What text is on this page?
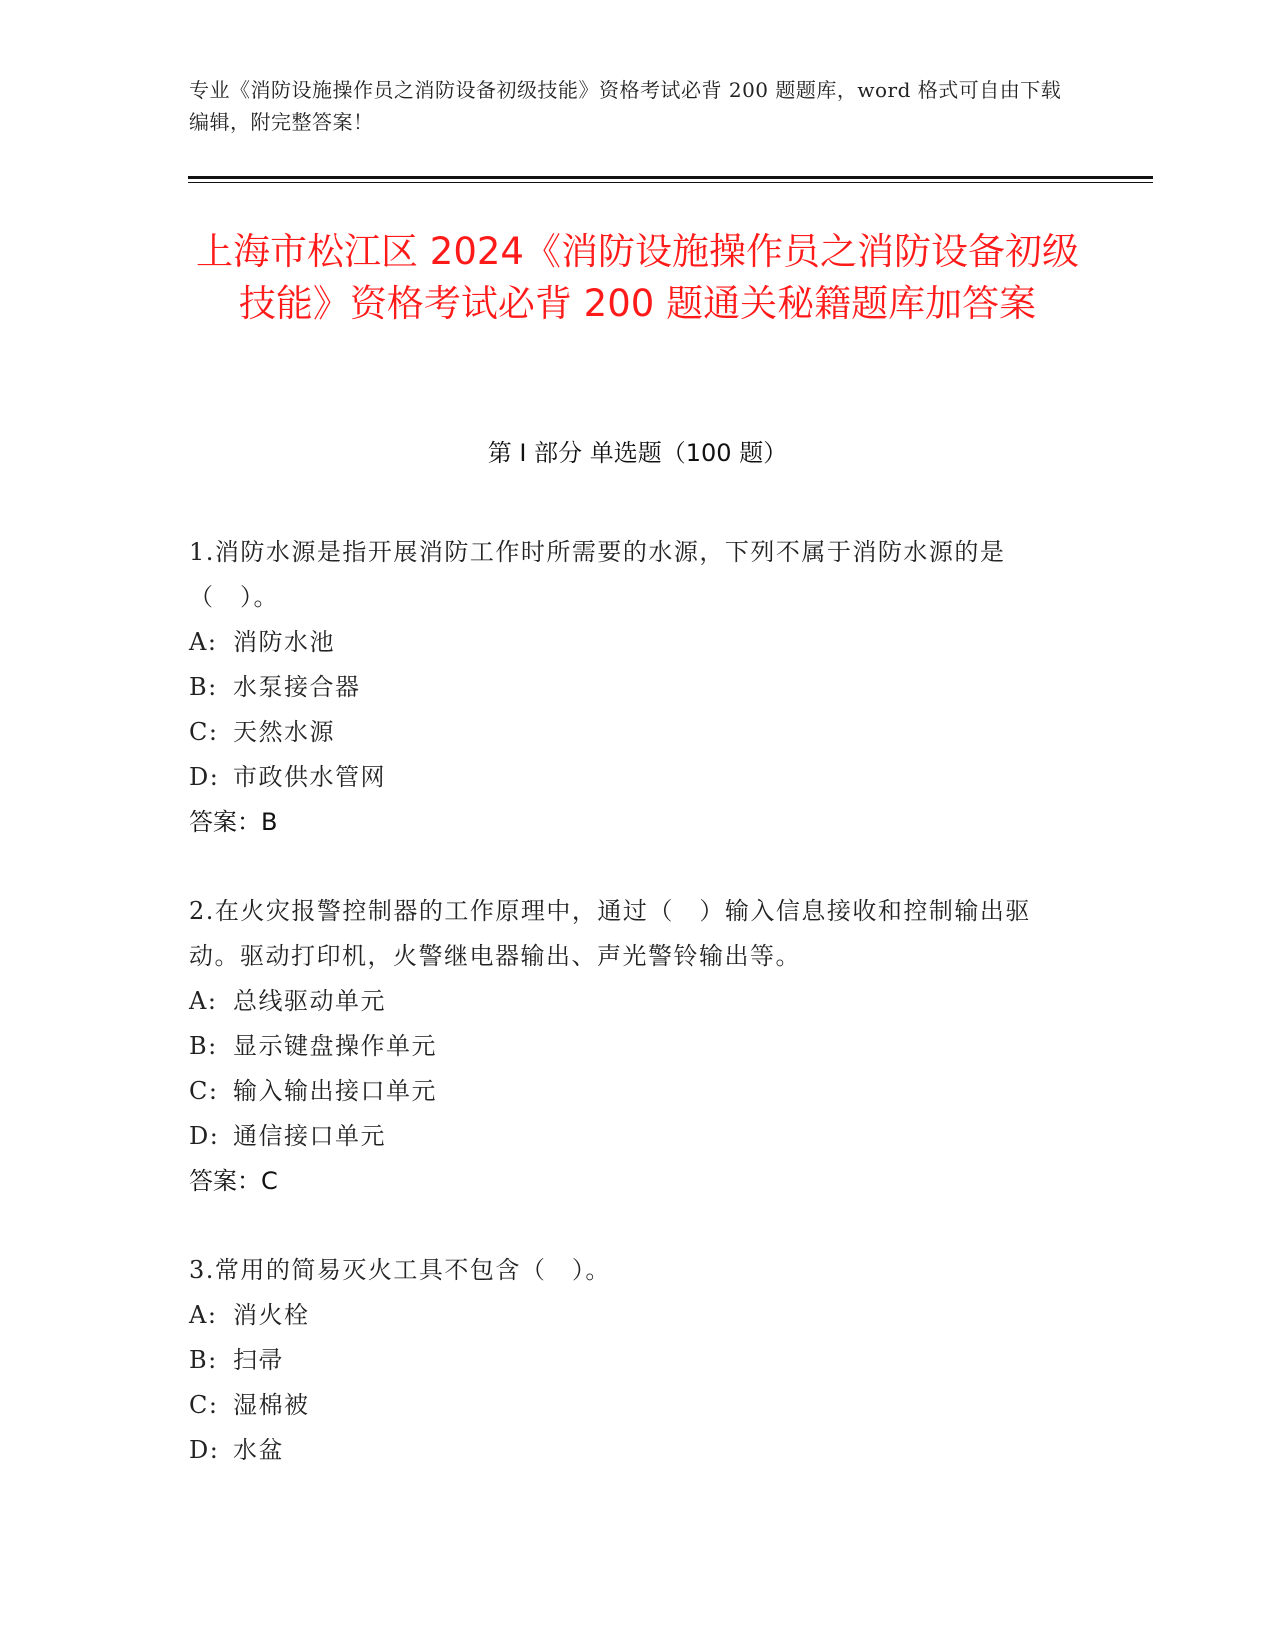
专业《消防设施操作员之消防设备初级技能》资格考试必背 200 题题库，word 格式可自由下载编辑，附完整答案！
上海市松江区 2024《消防设施操作员之消防设备初级技能》资格考试必背 200 题通关秘籍题库加答案
第 I 部分 单选题（100 题）
1.消防水源是指开展消防工作时所需要的水源，下列不属于消防水源的是（　）。
A: 消防水池
B: 水泵接合器
C: 天然水源
D: 市政供水管网
答案：B
2.在火灾报警控制器的工作原理中，通过（　）输入信息接收和控制输出驱动。驱动打印机，火警继电器输出、声光警铃输出等。
A: 总线驱动单元
B: 显示键盘操作单元
C: 输入输出接口单元
D: 通信接口单元
答案：C
3.常用的简易灭火工具不包含（　）。
A: 消火栓
B: 扫帚
C: 湿棉被
D: 水盆
